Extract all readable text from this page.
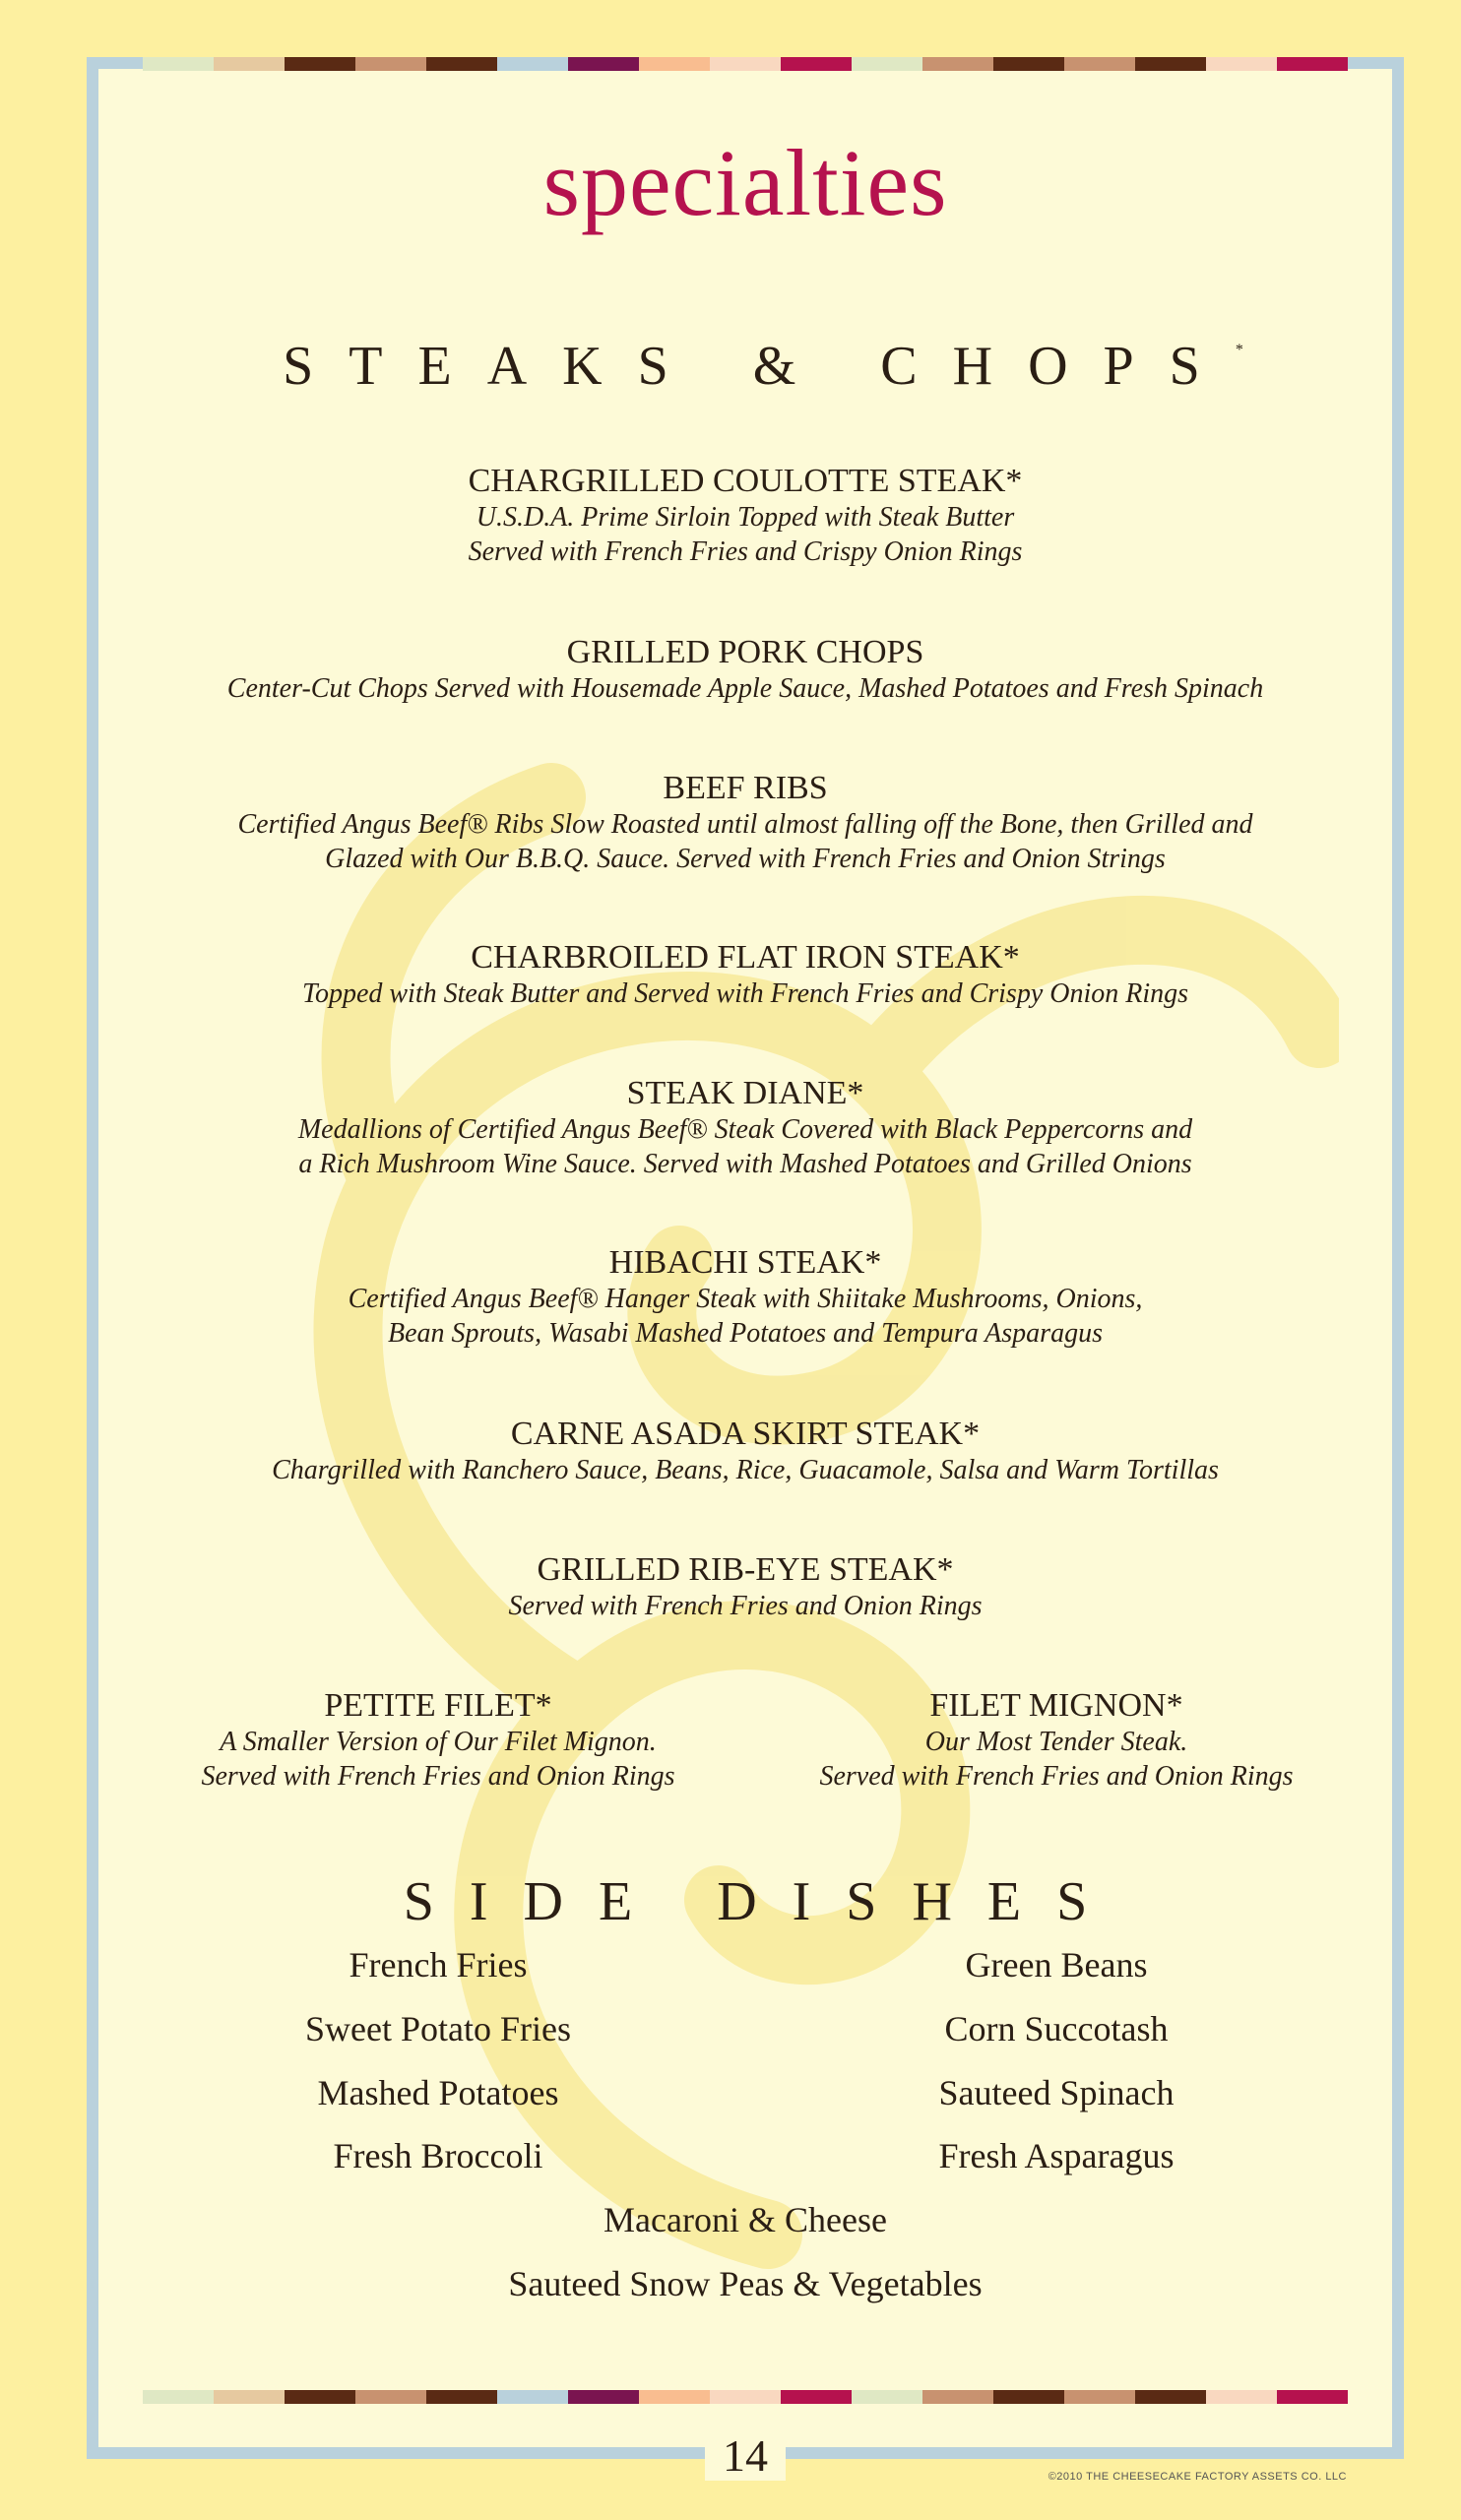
specialties
STEAKS & CHOPS*
CHARGRILLED COULOTTE STEAK*
U.S.D.A. Prime Sirloin Topped with Steak Butter
Served with French Fries and Crispy Onion Rings
GRILLED PORK CHOPS
Center-Cut Chops Served with Housemade Apple Sauce, Mashed Potatoes and Fresh Spinach
BEEF RIBS
Certified Angus Beef® Ribs Slow Roasted until almost falling off the Bone, then Grilled and
Glazed with Our B.B.Q. Sauce. Served with French Fries and Onion Strings
CHARBROILED FLAT IRON STEAK*
Topped with Steak Butter and Served with French Fries and Crispy Onion Rings
STEAK DIANE*
Medallions of Certified Angus Beef® Steak Covered with Black Peppercorns and
a Rich Mushroom Wine Sauce. Served with Mashed Potatoes and Grilled Onions
HIBACHI STEAK*
Certified Angus Beef® Hanger Steak with Shiitake Mushrooms, Onions,
Bean Sprouts, Wasabi Mashed Potatoes and Tempura Asparagus
CARNE ASADA SKIRT STEAK*
Chargrilled with Ranchero Sauce, Beans, Rice, Guacamole, Salsa and Warm Tortillas
GRILLED RIB-EYE STEAK*
Served with French Fries and Onion Rings
PETITE FILET*
A Smaller Version of Our Filet Mignon.
Served with French Fries and Onion Rings
FILET MIGNON*
Our Most Tender Steak.
Served with French Fries and Onion Rings
SIDE DISHES
French Fries
Sweet Potato Fries
Mashed Potatoes
Fresh Broccoli
Green Beans
Corn Succotash
Sauteed Spinach
Fresh Asparagus
Macaroni & Cheese
Sauteed Snow Peas & Vegetables
14	©2010 THE CHEESECAKE FACTORY ASSETS CO. LLC
